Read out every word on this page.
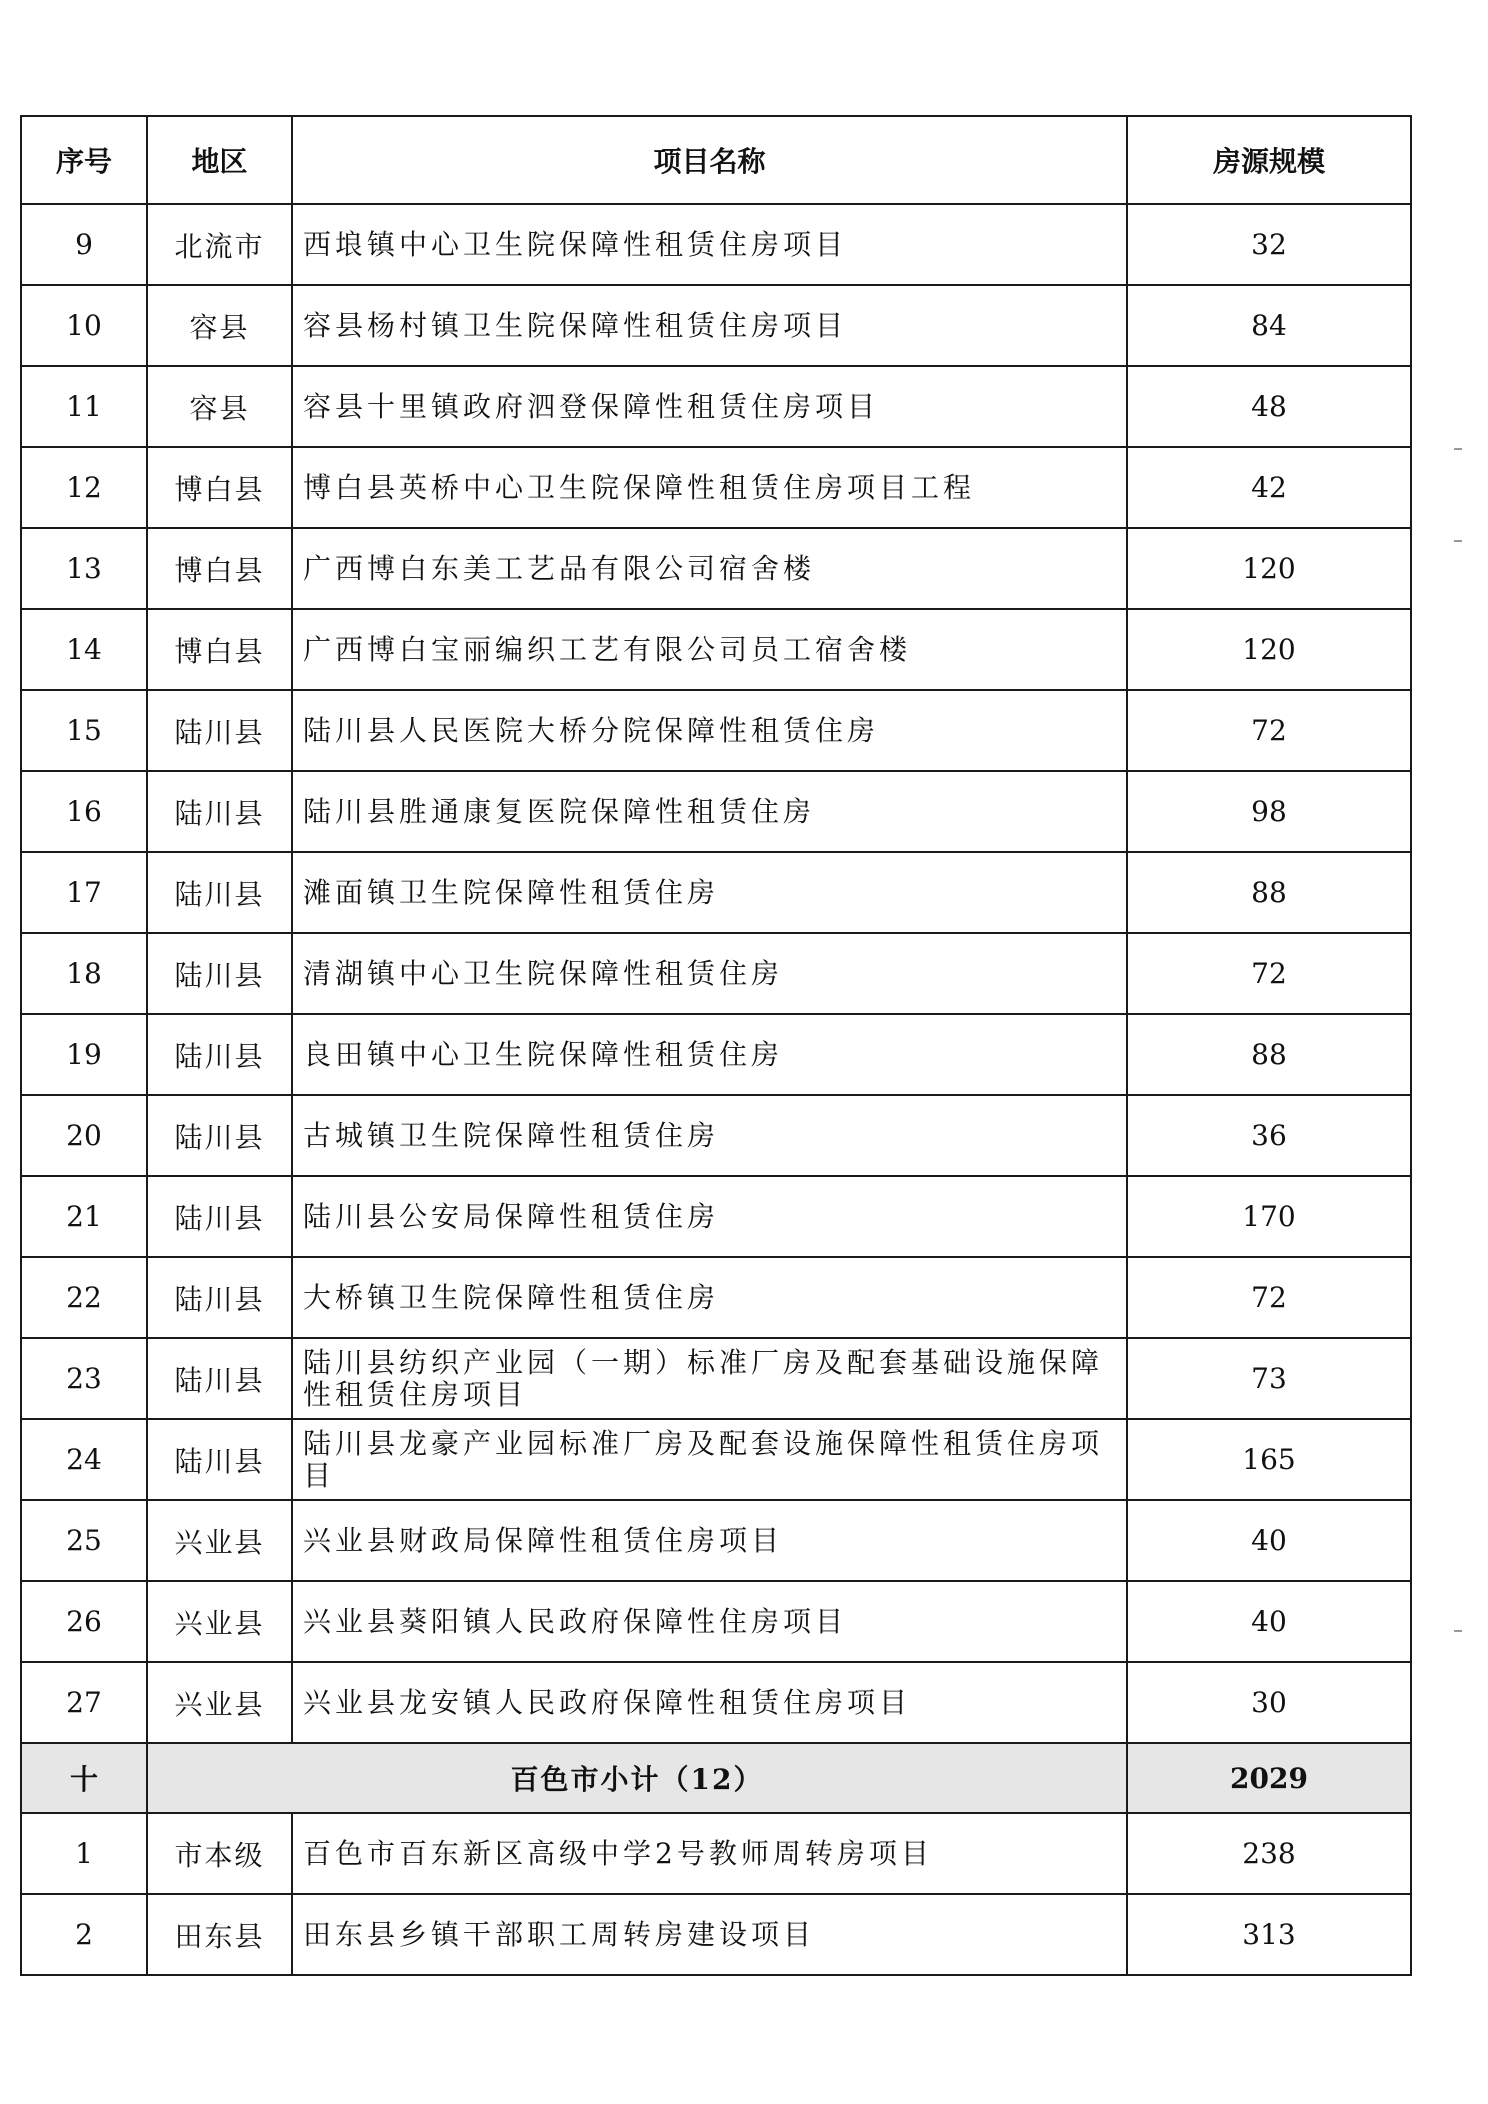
序号	地区	项目名称	房源规模
9	北流市	西埌镇中心卫生院保障性租赁住房项目	32
10	容县	容县杨村镇卫生院保障性租赁住房项目	84
11	容县	容县十里镇政府泗登保障性租赁住房项目	48
12	博白县	博白县英桥中心卫生院保障性租赁住房项目工程	42
13	博白县	广西博白东美工艺品有限公司宿舍楼	120
14	博白县	广西博白宝丽编织工艺有限公司员工宿舍楼	120
15	陆川县	陆川县人民医院大桥分院保障性租赁住房	72
16	陆川县	陆川县胜通康复医院保障性租赁住房	98
17	陆川县	滩面镇卫生院保障性租赁住房	88
18	陆川县	清湖镇中心卫生院保障性租赁住房	72
19	陆川县	良田镇中心卫生院保障性租赁住房	88
20	陆川县	古城镇卫生院保障性租赁住房	36
21	陆川县	陆川县公安局保障性租赁住房	170
22	陆川县	大桥镇卫生院保障性租赁住房	72
23	陆川县	陆川县纺织产业园（一期）标准厂房及配套基础设施保障性租赁住房项目	73
24	陆川县	陆川县龙豪产业园标准厂房及配套设施保障性租赁住房项目	165
25	兴业县	兴业县财政局保障性租赁住房项目	40
26	兴业县	兴业县葵阳镇人民政府保障性住房项目	40
27	兴业县	兴业县龙安镇人民政府保障性租赁住房项目	30
十	百色市小计（12）		2029
1	市本级	百色市百东新区高级中学2号教师周转房项目	238
2	田东县	田东县乡镇干部职工周转房建设项目	313
